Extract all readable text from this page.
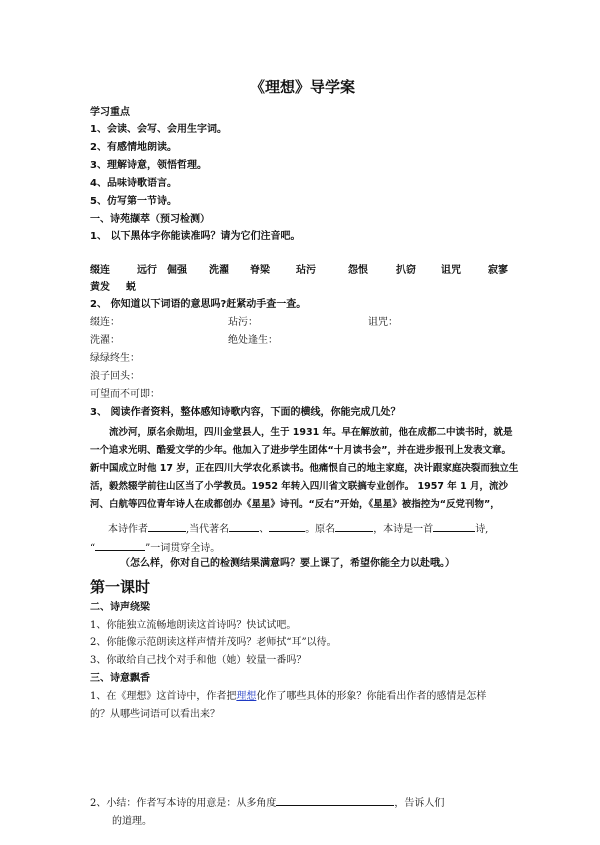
《理想》导学案
学习重点
1、会读、会写、会用生字词。
2、有感情地朗读。
3、理解诗意，领悟哲理。
4、品味诗歌语言。
5、仿写第一节诗。
一、诗苑撷萃（预习检测）
1、 以下黑体字你能读准吗？请为它们注音吧。
缀连	远行 倔强 洗濯 脊梁	玷污	怨恨	扒窃	诅咒	寂寥
黄发 蜕
2、 你知道以下词语的意思吗?赶紧动手查一查。
缀连：	玷污：	诅咒：
洗濯：	绝处逢生：
绿绿终生：
浪子回头：
可望而不可即：
3、 阅读作者资料，整体感知诗歌内容，下面的横线，你能完成几处？
流沙河，原名余勋坦，四川金堂县人，生于 1931 年。早在解放前，他在成都二中读书时，就是一个追求光明、酷爱文学的少年。他加入了进步学生团体“十月读书会”，并在进步报刊上发表文章。新中国成立时他 17 岁，正在四川大学农化系读书。他痛恨自己的地主家庭，决计跟家庭决裂而独立生活，毅然辍学前往山区当了小学教员。1952 年转入四川省文联搞专业创作。 1957 年 1 月，流沙河、白航等四位青年诗人在成都创办《星星》诗刊。“反右”开始，《星星》被指控为“反党刊物”，
本诗作者	,当代著名	、	。原名	，本诗是一首	诗,
“	”一词贯穿全诗。
（怎么样，你对自己的检测结果满意吗？要上课了，希望你能全力以赴哦。）
第一课时
二、诗声绕梁
1、你能独立流畅地朗读这首诗吗？快试试吧。
2、你能像示范朗读这样声情并茂吗？老师拭“耳”以待。
3、你敢给自己找个对手和他（她）较量一番吗？
三、诗意飘香
1、在《理想》这首诗中，作者把理想化作了哪些具体的形象？你能看出作者的感情是怎样
的？从哪些词语可以看出来？
2、小结：作者写本诗的用意是：从多角度	，告诉人们
的道理。
